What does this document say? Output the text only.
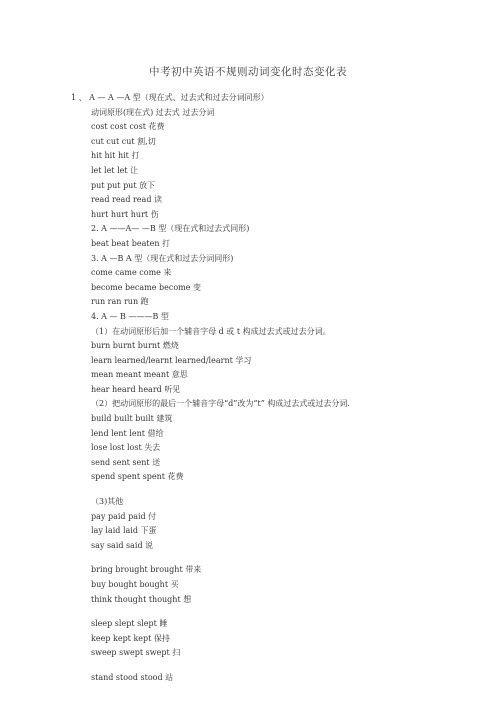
中考初中英语不规则动词变化时态变化表
1 、 A — A —A 型（现在式、过去式和过去分词同形）
动词原形(现在式) 过去式 过去分词
cost cost cost 花费
cut cut cut 割,切
hit hit hit 打
let let let 让
put put put 放下
read read read 读
hurt hurt hurt 伤
2. A ——A— —B 型（现在式和过去式同形)
beat beat beaten 打
3. A —B A 型（现在式和过去分词同形)
come came come 来
become became become 变
run ran run 跑
4. A — B ———B 型
（1）在动词原形后加一个辅音字母 d 或 t 构成过去式或过去分词。
burn burnt burnt 燃烧
learn learned/learnt learned/learnt 学习
mean meant meant 意思
hear heard heard 听见
（2）把动词原形的最后一个辅音字母“d”改为“t” 构成过去式或过去分词.
build built built 建筑
lend lent lent 借给
lose lost lost 失去
send sent sent 送
spend spent spent 花费
（3)其他
pay paid paid 付
lay laid laid 下蛋
say said said 说
bring brought brought 带来
buy bought bought 买
think thought thought 想
sleep slept slept 睡
keep kept kept 保持
sweep swept swept 扫
stand stood stood 站
